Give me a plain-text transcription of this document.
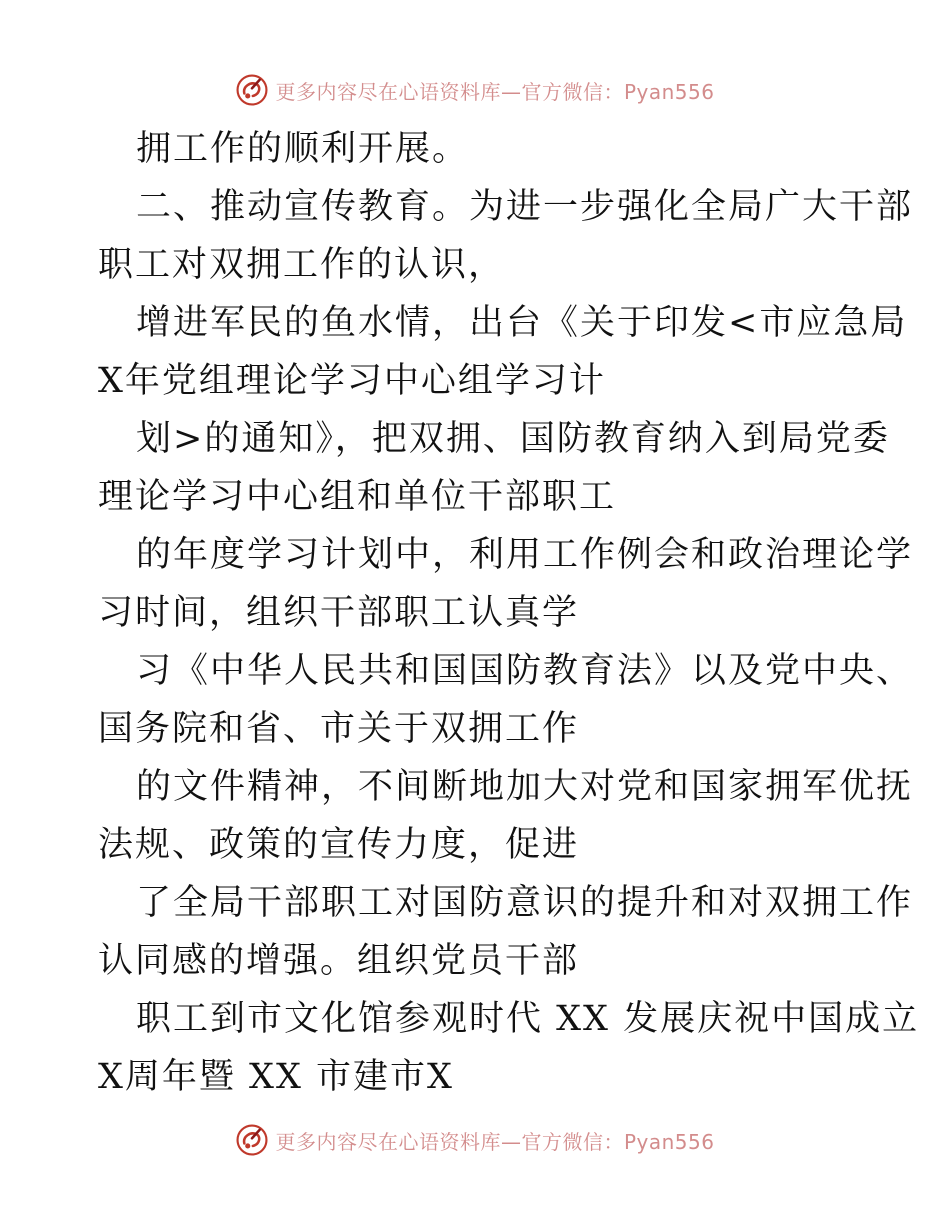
更多内容尽在心语资料库—官方微信：Pyan556
拥工作的顺利开展。
二、推动宣传教育。为进一步强化全局广大干部
职工对双拥工作的认识，
增进军民的鱼水情，出台《关于印发<市应急局
X年党组理论学习中心组学习计
划>的通知》，把双拥、国防教育纳入到局党委
理论学习中心组和单位干部职工
的年度学习计划中，利用工作例会和政治理论学
习时间，组织干部职工认真学
习《中华人民共和国国防教育法》以及党中央、
国务院和省、市关于双拥工作
的文件精神，不间断地加大对党和国家拥军优抚
法规、政策的宣传力度，促进
了全局干部职工对国防意识的提升和对双拥工作
认同感的增强。组织党员干部
职工到市文化馆参观时代 XX 发展庆祝中国成立
X周年暨 XX 市建市X
更多内容尽在心语资料库—官方微信：Pyan556
